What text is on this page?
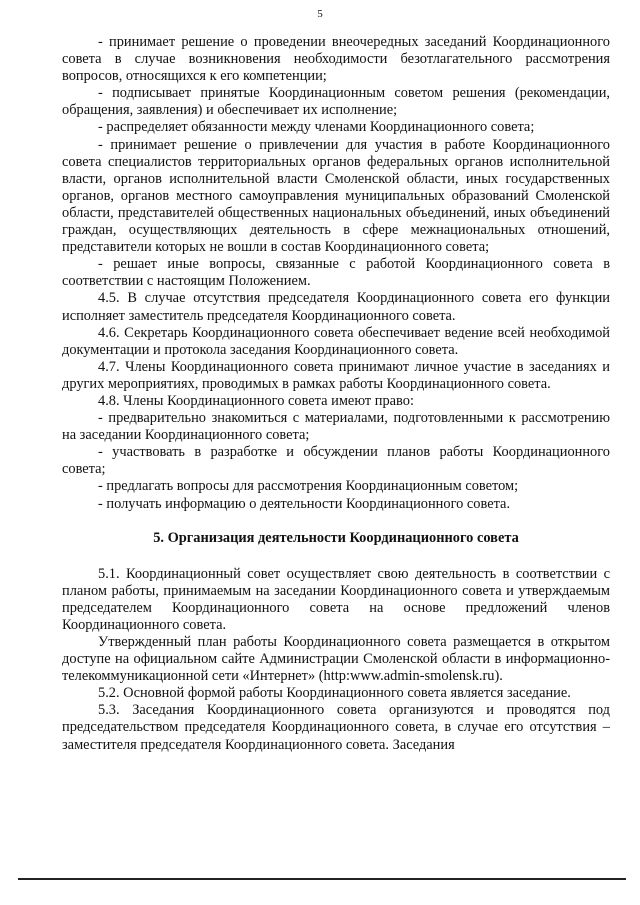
5

- принимает решение о проведении внеочередных заседаний Координационного совета в случае возникновения необходимости безотлагательного рассмотрения вопросов, относящихся к его компетенции;

- подписывает принятые Координационным советом решения (рекомендации, обращения, заявления) и обеспечивает их исполнение;

- распределяет обязанности между членами Координационного совета;

- принимает решение о привлечении для участия в работе Координационного совета специалистов территориальных органов федеральных органов исполнительной власти, органов исполнительной власти Смоленской области, иных государственных органов, органов местного самоуправления муниципальных образований Смоленской области, представителей общественных национальных объединений, иных объединений граждан, осуществляющих деятельность в сфере межнациональных отношений, представители которых не вошли в состав Координационного совета;

- решает иные вопросы, связанные с работой Координационного совета в соответствии с настоящим Положением.

4.5. В случае отсутствия председателя Координационного совета его функции исполняет заместитель председателя Координационного совета.

4.6. Секретарь Координационного совета обеспечивает ведение всей необходимой документации и протокола заседания Координационного совета.

4.7. Члены Координационного совета принимают личное участие в заседаниях и других мероприятиях, проводимых в рамках работы Координационного совета.

4.8. Члены Координационного совета имеют право:

- предварительно знакомиться с материалами, подготовленными к рассмотрению на заседании Координационного совета;

- участвовать в разработке и обсуждении планов работы Координационного совета;

- предлагать вопросы для рассмотрения Координационным советом;

- получать информацию о деятельности Координационного совета.

5. Организация деятельности Координационного совета

5.1. Координационный совет осуществляет свою деятельность в соответствии с планом работы, принимаемым на заседании Координационного совета и утверждаемым председателем Координационного совета на основе предложений членов Координационного совета.

Утвержденный план работы Координационного совета размещается в открытом доступе на официальном сайте Администрации Смоленской области в информационно-телекоммуникационной сети «Интернет» (http:www.admin-smolensk.ru).

5.2. Основной формой работы Координационного совета является заседание.

5.3. Заседания Координационного совета организуются и проводятся под председательством председателя Координационного совета, в случае его отсутствия – заместителя председателя Координационного совета. Заседания
